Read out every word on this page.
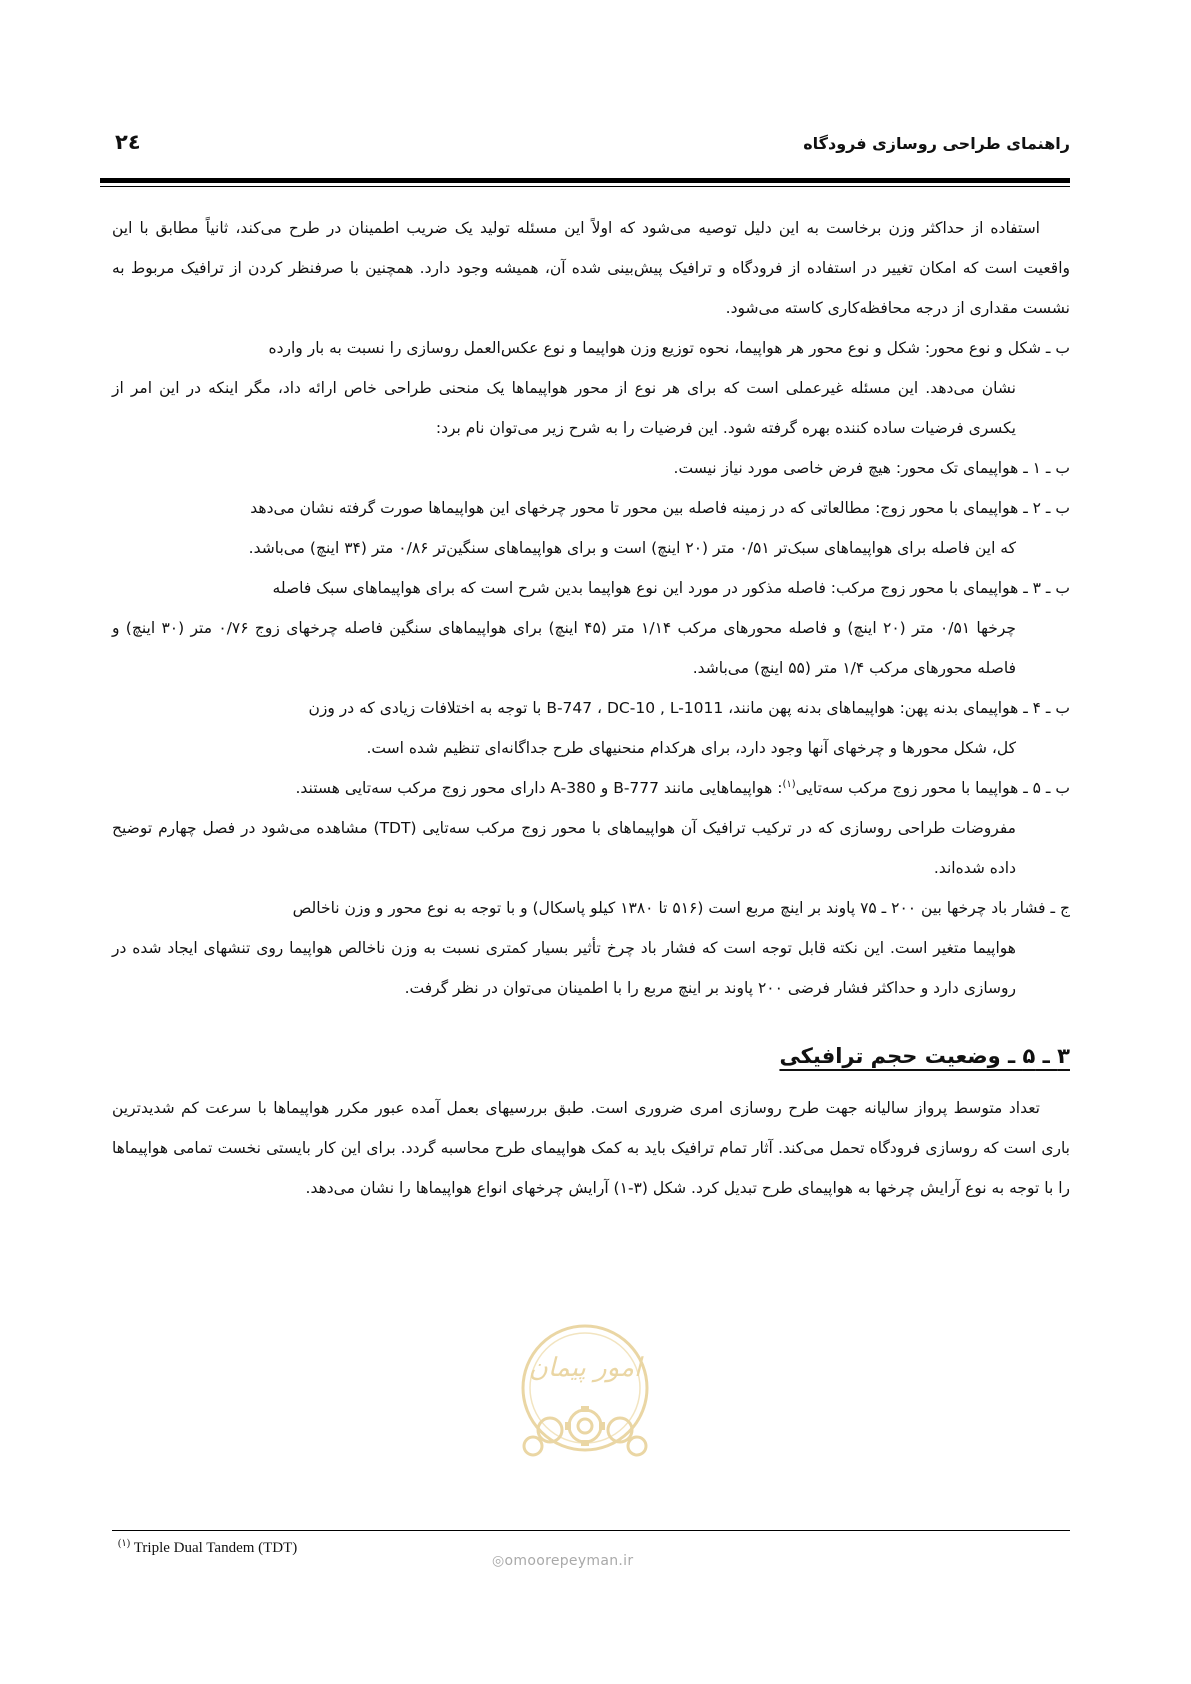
راهنمای طراحی روسازی فرودگاه
۲٤

استفاده از حداکثر وزن برخاست به این دلیل توصیه می‌شود که اولاً این مسئله تولید یک ضریب اطمینان در طرح می‌کند، ثانیاً مطابق با این واقعیت است که امکان تغییر در استفاده از فرودگاه و ترافیک پیش‌بینی شده آن، همیشه وجود دارد. همچنین با صرفنظر کردن از ترافیک مربوط به نشست مقداری از درجه محافظه‌کاری کاسته می‌شود.

ب ـ شکل و نوع محور: شکل و نوع محور هر هواپیما، نحوه توزیع وزن هواپیما و نوع عکس‌العمل روسازی را نسبت به بار وارده
نشان می‌دهد. این مسئله غیرعملی است که برای هر نوع از محور هواپیماها یک منحنی طراحی خاص ارائه داد، مگر اینکه در این امر از یکسری فرضیات ساده کننده بهره گرفته شود. این فرضیات را به شرح زیر می‌توان نام برد:
ب ـ ۱ ـ هواپیمای تک محور: هیچ فرض خاصی مورد نیاز نیست.
ب ـ ۲ ـ هواپیمای با محور زوج: مطالعاتی که در زمینه فاصله بین محور تا محور چرخهای این هواپیماها صورت گرفته نشان می‌دهد
که این فاصله برای هواپیماهای سبک‌تر ۰/۵۱ متر (۲۰ اینچ) است و برای هواپیماهای سنگین‌تر ۰/۸۶ متر (۳۴ اینچ) می‌باشد.
ب ـ ۳ ـ هواپیمای با محور زوج مرکب: فاصله مذکور در مورد این نوع هواپیما بدین شرح است که برای هواپیماهای سبک فاصله
چرخها ۰/۵۱ متر (۲۰ اینچ) و فاصله محورهای مرکب ۱/۱۴ متر (۴۵ اینچ) برای هواپیماهای سنگین فاصله چرخهای زوج ۰/۷۶ متر (۳۰ اینچ) و فاصله محورهای مرکب ۱/۴ متر (۵۵ اینچ) می‌باشد.
ب ـ ۴ ـ هواپیمای بدنه پهن: هواپیماهای بدنه پهن مانند، B-747 ، DC-10 , L-1011 با توجه به اختلافات زیادی که در وزن
کل، شکل محورها و چرخهای آنها وجود دارد، برای هرکدام منحنیهای طرح جداگانه‌ای تنظیم شده است.
ب ـ ۵ ـ هواپیما با محور زوج مرکب سه‌تایی$^{(۱)}$: هواپیماهایی مانند B-777 و A-380 دارای محور زوج مرکب سه‌تایی هستند.
مفروضات طراحی روسازی که در ترکیب ترافیک آن هواپیماهای با محور زوج مرکب سه‌تایی (TDT) مشاهده می‌شود در فصل چهارم توضیح داده شده‌اند.
ج ـ فشار باد چرخها بین ۲۰۰ ـ ۷۵ پاوند بر اینچ مربع است (۵۱۶ تا ۱۳۸۰ کیلو پاسکال) و با توجه به نوع محور و وزن ناخالص
هواپیما متغیر است. این نکته قابل توجه است که فشار باد چرخ تأثیر بسیار کمتری نسبت به وزن ناخالص هواپیما روی تنشهای ایجاد شده در روسازی دارد و حداکثر فشار فرضی ۲۰۰ پاوند بر اینچ مربع را با اطمینان می‌توان در نظر گرفت.
۳ ـ ۵ ـ وضعیت حجم ترافیکی

تعداد متوسط پرواز سالیانه جهت طرح روسازی امری ضروری است. طبق بررسیهای بعمل آمده عبور مکرر هواپیماها با سرعت کم شدیدترین باری است که روسازی فرودگاه تحمل می‌کند. آثار تمام ترافیک باید به کمک هواپیمای طرح محاسبه گردد. برای این کار بایستی نخست تمامی هواپیماها را با توجه به نوع آرایش چرخها به هواپیمای طرح تبدیل کرد. شکل (۳-۱) آرایش چرخهای انواع هواپیماها را نشان می‌دهد.

امور پیمان
$^{(۱)}$ Triple Dual Tandem (TDT)
◎omoorepeyman.ir
